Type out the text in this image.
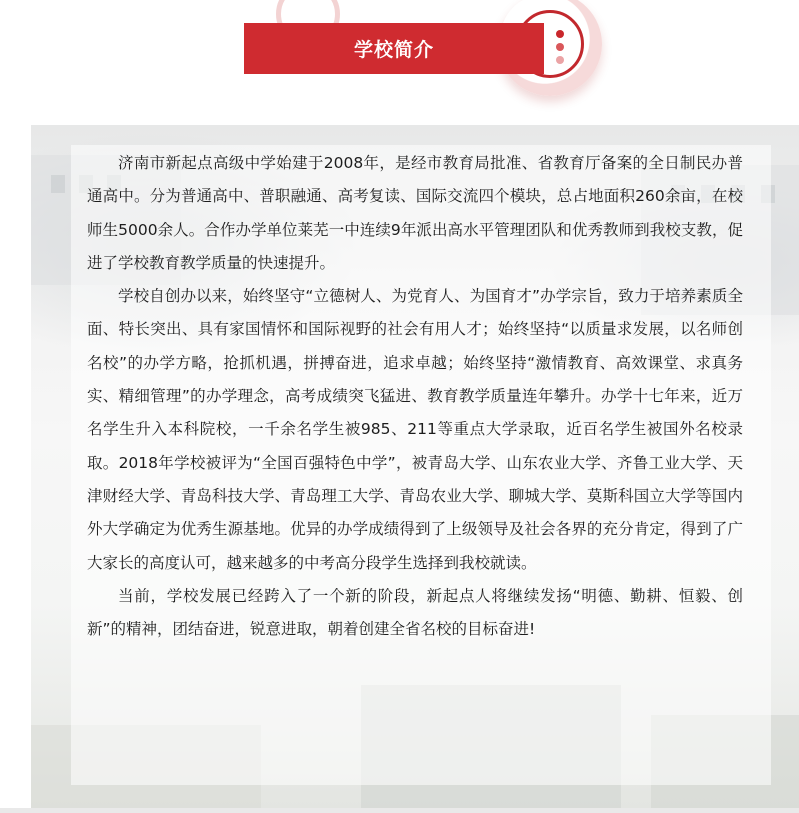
学校简介

济南市新起点高级中学始建于2008年，是经市教育局批准、省教育厅备案的全日制民办普通高中。分为普通高中、普职融通、高考复读、国际交流四个模块，总占地面积260余亩，在校师生5000余人。合作办学单位莱芜一中连续9年派出高水平管理团队和优秀教师到我校支教，促进了学校教育教学质量的快速提升。

学校自创办以来，始终坚守“立德树人、为党育人、为国育才”办学宗旨，致力于培养素质全面、特长突出、具有家国情怀和国际视野的社会有用人才；始终坚持“以质量求发展，以名师创名校”的办学方略，抢抓机遇，拼搏奋进，追求卓越；始终坚持“激情教育、高效课堂、求真务实、精细管理”的办学理念，高考成绩突飞猛进、教育教学质量连年攀升。办学十七年来，近万名学生升入本科院校，一千余名学生被985、211等重点大学录取，近百名学生被国外名校录取。2018年学校被评为“全国百强特色中学”，被青岛大学、山东农业大学、齐鲁工业大学、天津财经大学、青岛科技大学、青岛理工大学、青岛农业大学、聊城大学、莫斯科国立大学等国内外大学确定为优秀生源基地。优异的办学成绩得到了上级领导及社会各界的充分肯定，得到了广大家长的高度认可，越来越多的中考高分段学生选择到我校就读。

当前，学校发展已经跨入了一个新的阶段，新起点人将继续发扬“明德、勤耕、恒毅、创新”的精神，团结奋进，锐意进取，朝着创建全省名校的目标奋进!
